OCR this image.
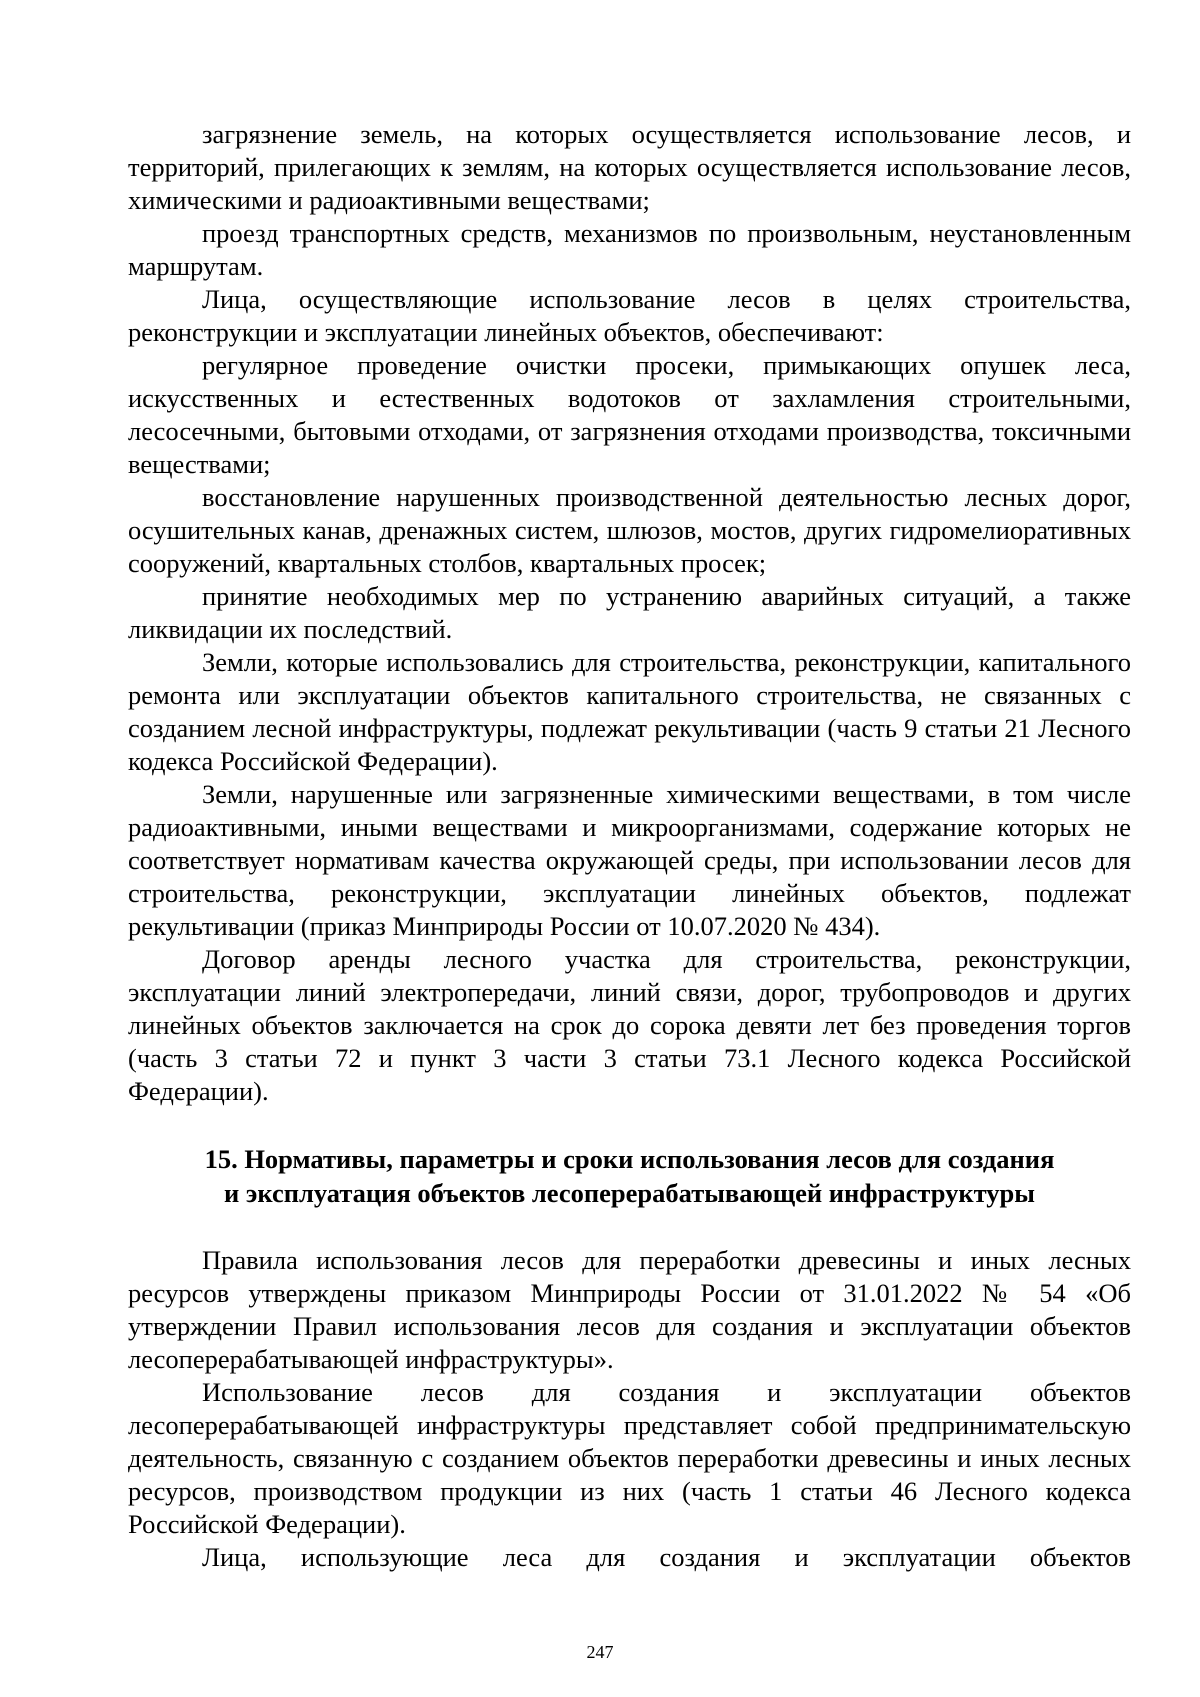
загрязнение земель, на которых осуществляется использование лесов, и территорий, прилегающих к землям, на которых осуществляется использование лесов, химическими и радиоактивными веществами;

проезд транспортных средств, механизмов по произвольным, неустановленным маршрутам.

Лица, осуществляющие использование лесов в целях строительства, реконструкции и эксплуатации линейных объектов, обеспечивают:

регулярное проведение очистки просеки, примыкающих опушек леса, искусственных и естественных водотоков от захламления строительными, лесосечными, бытовыми отходами, от загрязнения отходами производства, токсичными веществами;

восстановление нарушенных производственной деятельностью лесных дорог, осушительных канав, дренажных систем, шлюзов, мостов, других гидромелиоративных сооружений, квартальных столбов, квартальных просек;

принятие необходимых мер по устранению аварийных ситуаций, а также ликвидации их последствий.

Земли, которые использовались для строительства, реконструкции, капитального ремонта или эксплуатации объектов капитального строительства, не связанных с созданием лесной инфраструктуры, подлежат рекультивации (часть 9 статьи 21 Лесного кодекса Российской Федерации).

Земли, нарушенные или загрязненные химическими веществами, в том числе радиоактивными, иными веществами и микроорганизмами, содержание которых не соответствует нормативам качества окружающей среды, при использовании лесов для строительства, реконструкции, эксплуатации линейных объектов, подлежат рекультивации (приказ Минприроды России от 10.07.2020 № 434).

Договор аренды лесного участка для строительства, реконструкции, эксплуатации линий электропередачи, линий связи, дорог, трубопроводов и других линейных объектов заключается на срок до сорока девяти лет без проведения торгов (часть 3 статьи 72 и пункт 3 части 3 статьи 73.1 Лесного кодекса Российской Федерации).

15. Нормативы, параметры и сроки использования лесов для создания
и эксплуатация объектов лесоперерабатывающей инфраструктуры

Правила использования лесов для переработки древесины и иных лесных ресурсов утверждены приказом Минприроды России от 31.01.2022 № 54 «Об утверждении Правил использования лесов для создания и эксплуатации объектов лесоперерабатывающей инфраструктуры».

Использование лесов для создания и эксплуатации объектов лесоперерабатывающей инфраструктуры представляет собой предпринимательскую деятельность, связанную с созданием объектов переработки древесины и иных лесных ресурсов, производством продукции из них (часть 1 статьи 46 Лесного кодекса Российской Федерации).

Лица, использующие леса для создания и эксплуатации объектов

247
